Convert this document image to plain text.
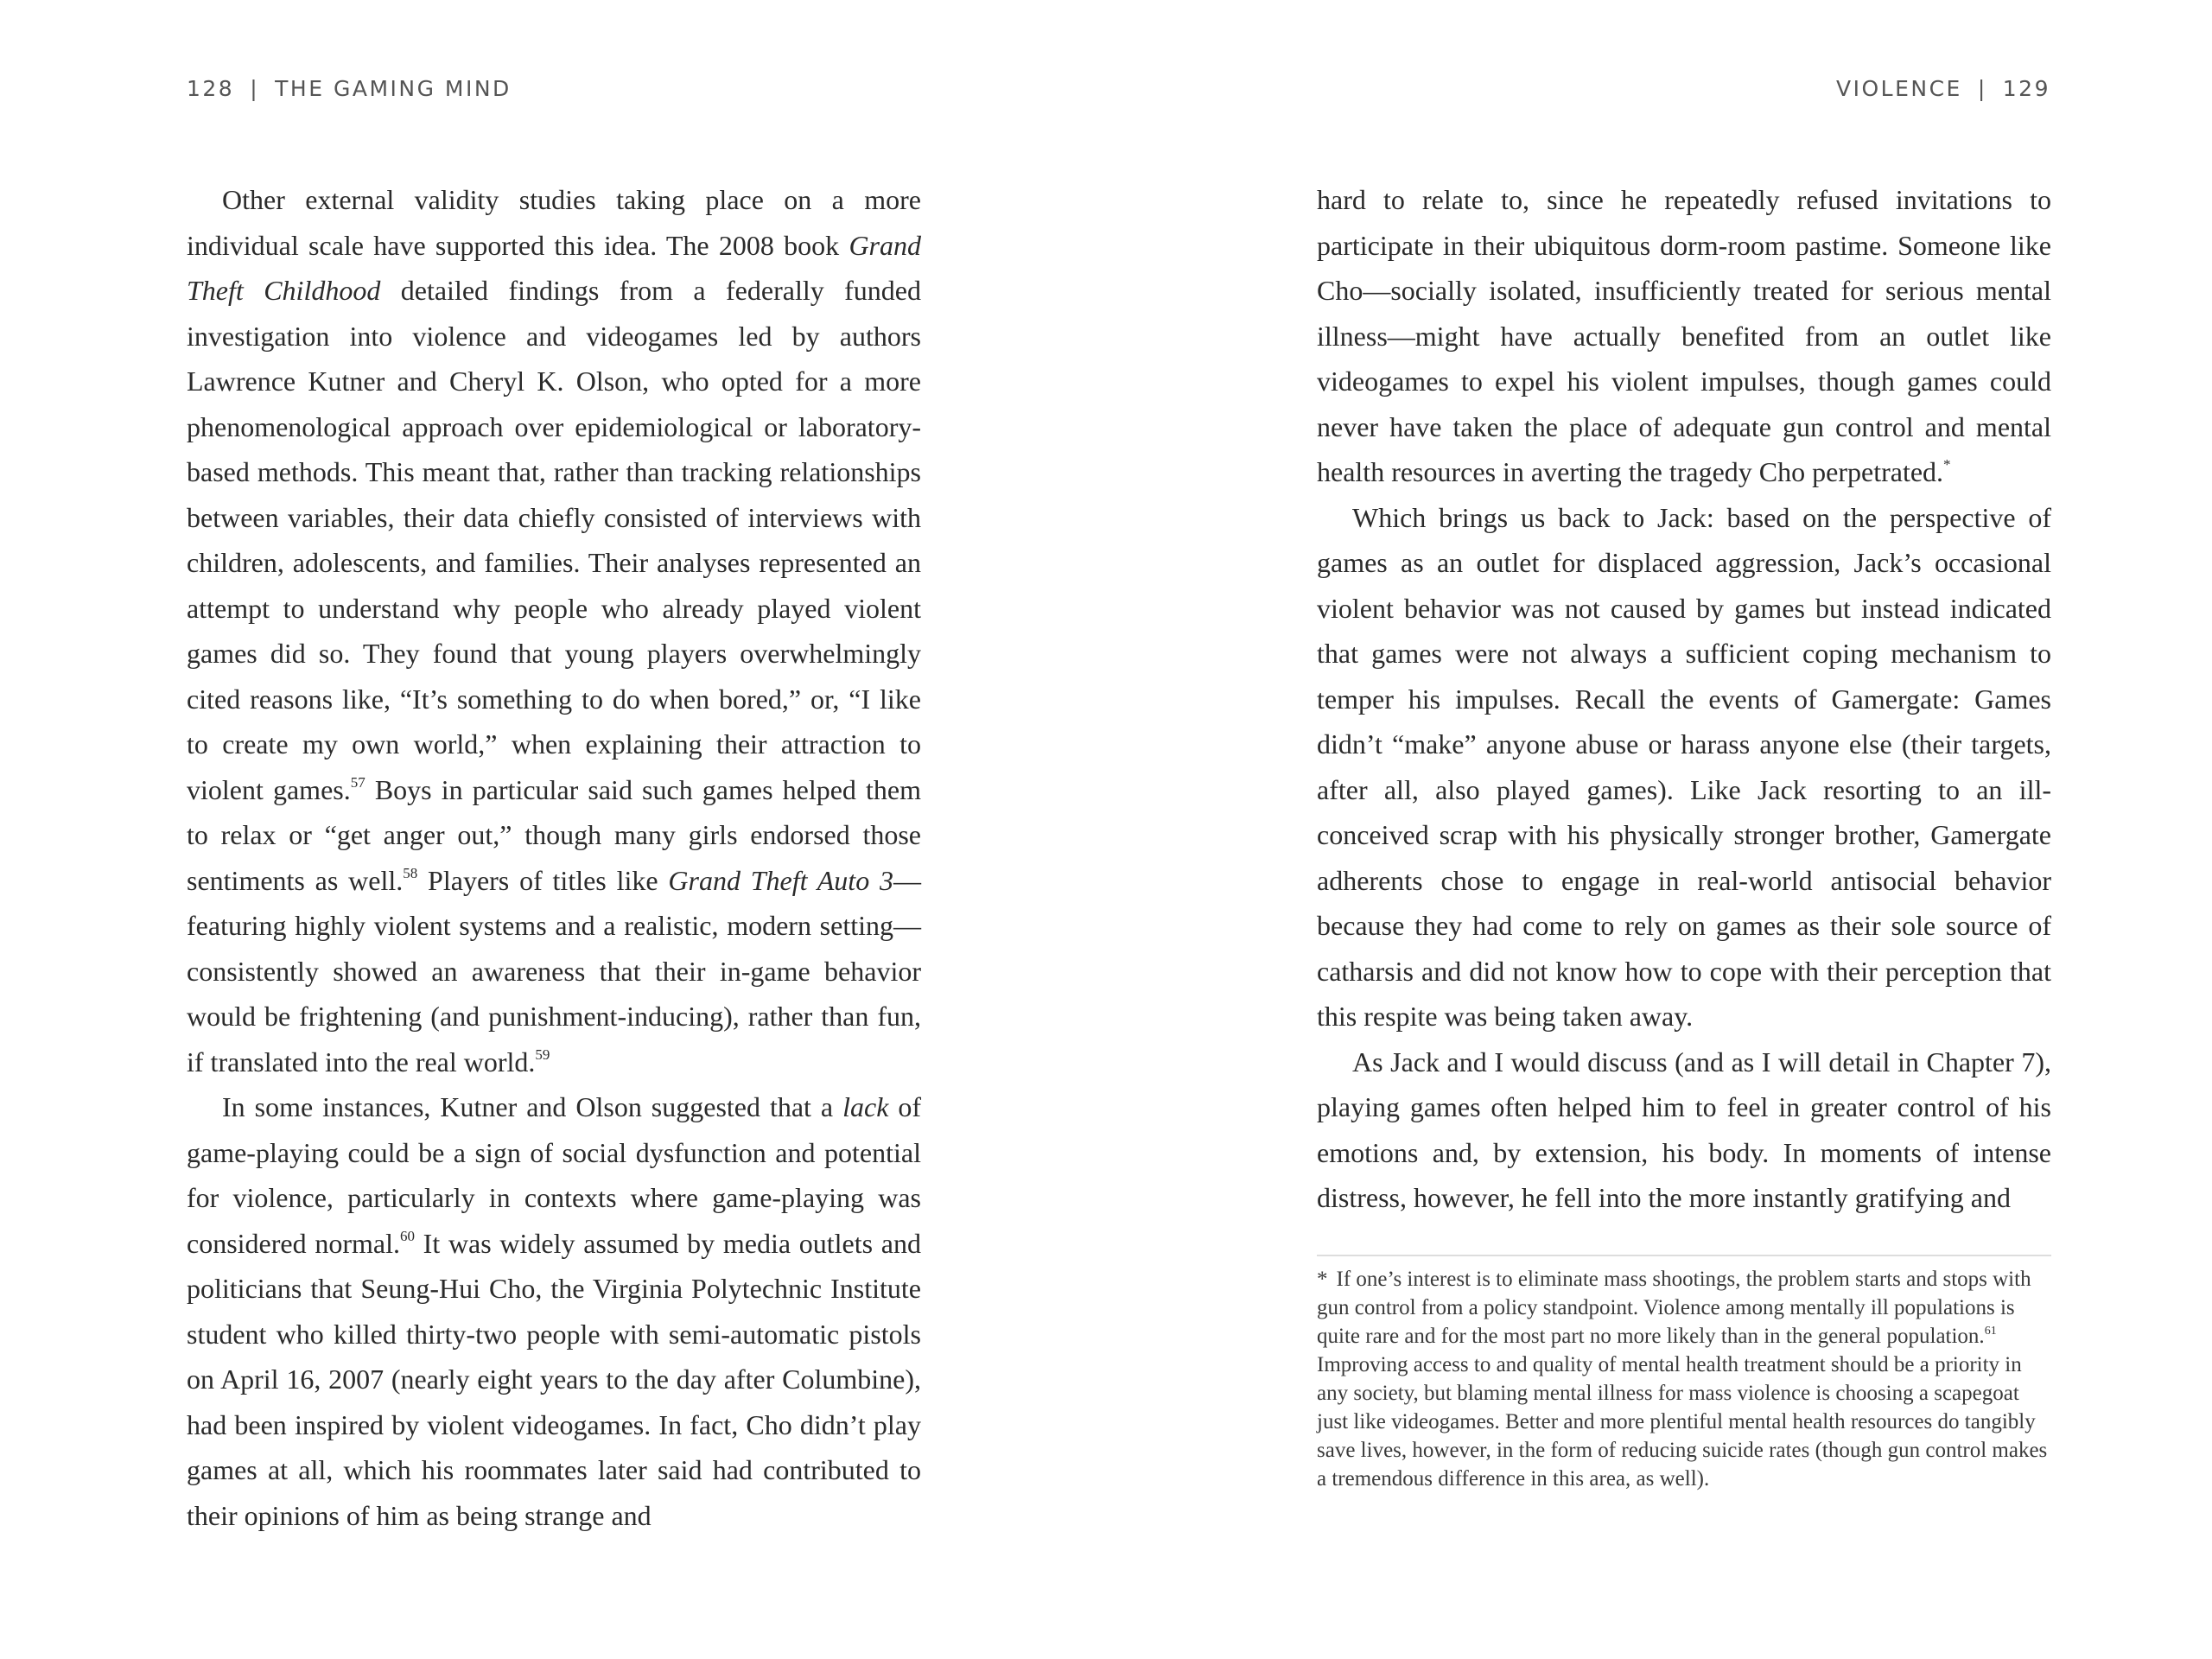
128 | THE GAMING MIND	VIOLENCE | 129

Other external validity studies taking place on a more individual scale have supported this idea. The 2008 book Grand Theft Childhood detailed findings from a federally funded investigation into violence and videogames led by authors Lawrence Kutner and Cheryl K. Olson, who opted for a more phenomenological approach over epidemiological or laboratory-based methods. This meant that, rather than tracking relationships between variables, their data chiefly consisted of interviews with children, adolescents, and families. Their analyses represented an attempt to understand why people who already played violent games did so. They found that young players overwhelmingly cited reasons like, “It’s something to do when bored,” or, “I like to create my own world,” when explaining their attraction to violent games.$^{57}$ Boys in particular said such games helped them to relax or “get anger out,” though many girls endorsed those sentiments as well.$^{58}$ Players of titles like Grand Theft Auto 3—featuring highly violent systems and a realistic, modern setting—consistently showed an awareness that their in-game behavior would be frightening (and punishment-inducing), rather than fun, if translated into the real world.$^{59}$

In some instances, Kutner and Olson suggested that a lack of game-playing could be a sign of social dysfunction and potential for violence, particularly in contexts where game-playing was considered normal.$^{60}$ It was widely assumed by media outlets and politicians that Seung-Hui Cho, the Virginia Polytechnic Institute student who killed thirty-two people with semi-automatic pistols on April 16, 2007 (nearly eight years to the day after Columbine), had been inspired by violent videogames. In fact, Cho didn’t play games at all, which his roommates later said had contributed to their opinions of him as being strange and

hard to relate to, since he repeatedly refused invitations to participate in their ubiquitous dorm-room pastime. Someone like Cho—socially isolated, insufficiently treated for serious mental illness—might have actually benefited from an outlet like videogames to expel his violent impulses, though games could never have taken the place of adequate gun control and mental health resources in averting the tragedy Cho perpetrated.*

Which brings us back to Jack: based on the perspective of games as an outlet for displaced aggression, Jack’s occasional violent behavior was not caused by games but instead indicated that games were not always a sufficient coping mechanism to temper his impulses. Recall the events of Gamergate: Games didn’t “make” anyone abuse or harass anyone else (their targets, after all, also played games). Like Jack resorting to an ill-conceived scrap with his physically stronger brother, Gamergate adherents chose to engage in real-world antisocial behavior because they had come to rely on games as their sole source of catharsis and did not know how to cope with their perception that this respite was being taken away.

As Jack and I would discuss (and as I will detail in Chapter 7), playing games often helped him to feel in greater control of his emotions and, by extension, his body. In moments of intense distress, however, he fell into the more instantly gratifying and

* If one’s interest is to eliminate mass shootings, the problem starts and stops with gun control from a policy standpoint. Violence among mentally ill populations is quite rare and for the most part no more likely than in the general population.$^{61}$ Improving access to and quality of mental health treatment should be a priority in any society, but blaming mental illness for mass violence is choosing a scapegoat just like videogames. Better and more plentiful mental health resources do tangibly save lives, however, in the form of reducing suicide rates (though gun control makes a tremendous difference in this area, as well).
